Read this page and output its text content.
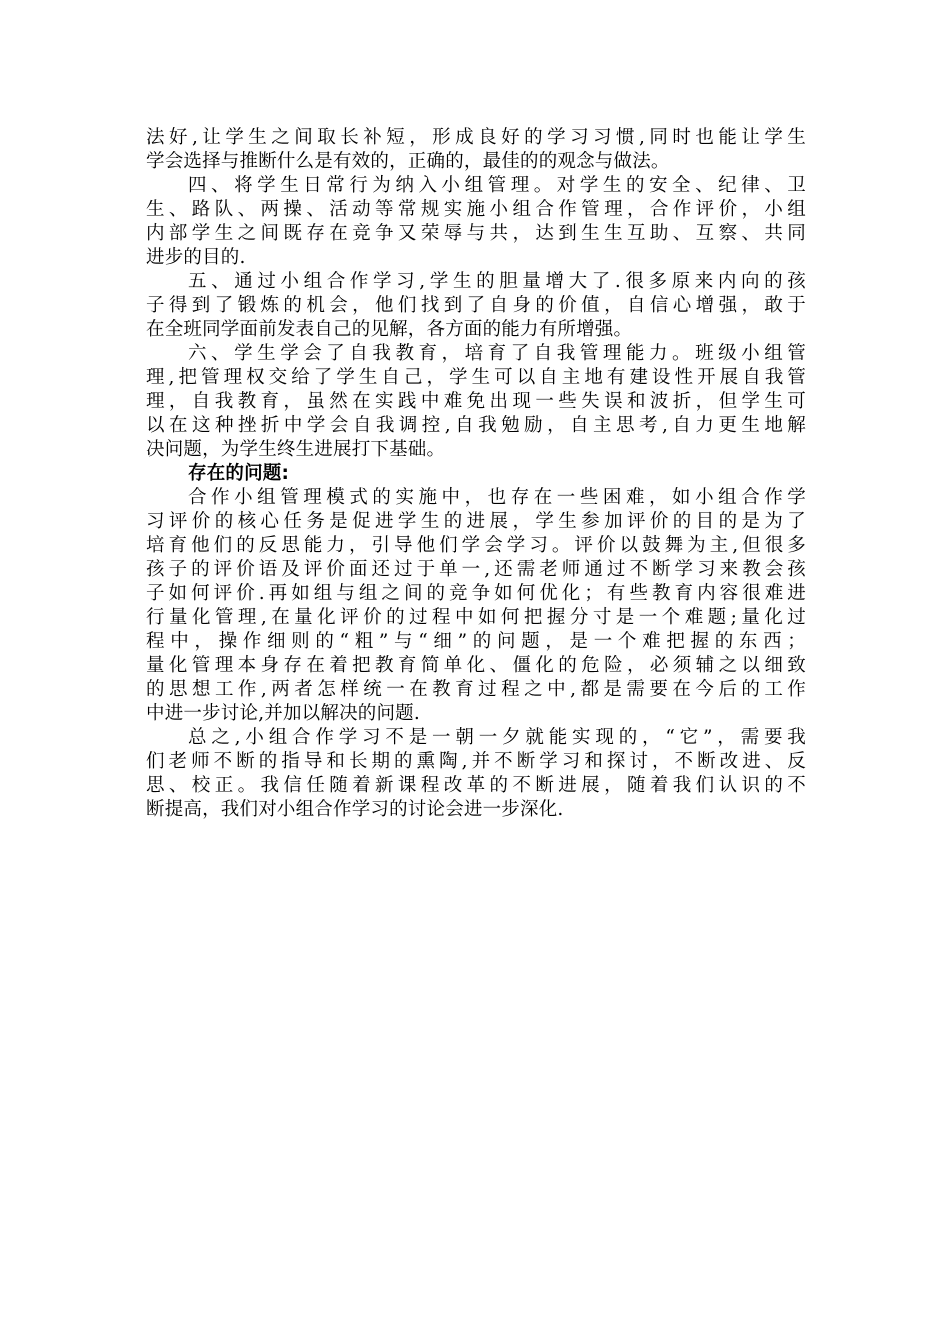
法好,让学生之间取长补短，形成良好的学习习惯,同时也能让学生
学会选择与推断什么是有效的，正确的，最佳的的观念与做法。
四、将学生日常行为纳入小组管理。对学生的安全、纪律、卫
生、路队、两操、活动等常规实施小组合作管理，合作评价，小组
内部学生之间既存在竞争又荣辱与共，达到生生互助、互察、共同
进步的目的.
五、通过小组合作学习,学生的胆量增大了.很多原来内向的孩
子得到了锻炼的机会，他们找到了自身的价值，自信心增强，敢于
在全班同学面前发表自己的见解，各方面的能力有所增强。
六、学生学会了自我教育，培育了自我管理能力。班级小组管
理,把管理权交给了学生自己，学生可以自主地有建设性开展自我管
理，自我教育，虽然在实践中难免出现一些失误和波折，但学生可
以在这种挫折中学会自我调控,自我勉励，自主思考,自力更生地解
决问题，为学生终生进展打下基础。
存在的问题:
合作小组管理模式的实施中，也存在一些困难，如小组合作学
习评价的核心任务是促进学生的进展，学生参加评价的目的是为了
培育他们的反思能力，引导他们学会学习。评价以鼓舞为主,但很多
孩子的评价语及评价面还过于单一,还需老师通过不断学习来教会孩
子如何评价.再如组与组之间的竞争如何优化；有些教育内容很难进
行量化管理,在量化评价的过程中如何把握分寸是一个难题;量化过
程中，操作细则的“粗”与“细”的问题，是一个难把握的东西；
量化管理本身存在着把教育简单化、僵化的危险，必须辅之以细致
的思想工作,两者怎样统一在教育过程之中,都是需要在今后的工作
中进一步讨论,并加以解决的问题.
总之,小组合作学习不是一朝一夕就能实现的，“它”，需要我
们老师不断的指导和长期的熏陶,并不断学习和探讨，不断改进、反
思、校正。我信任随着新课程改革的不断进展，随着我们认识的不
断提高，我们对小组合作学习的讨论会进一步深化.
